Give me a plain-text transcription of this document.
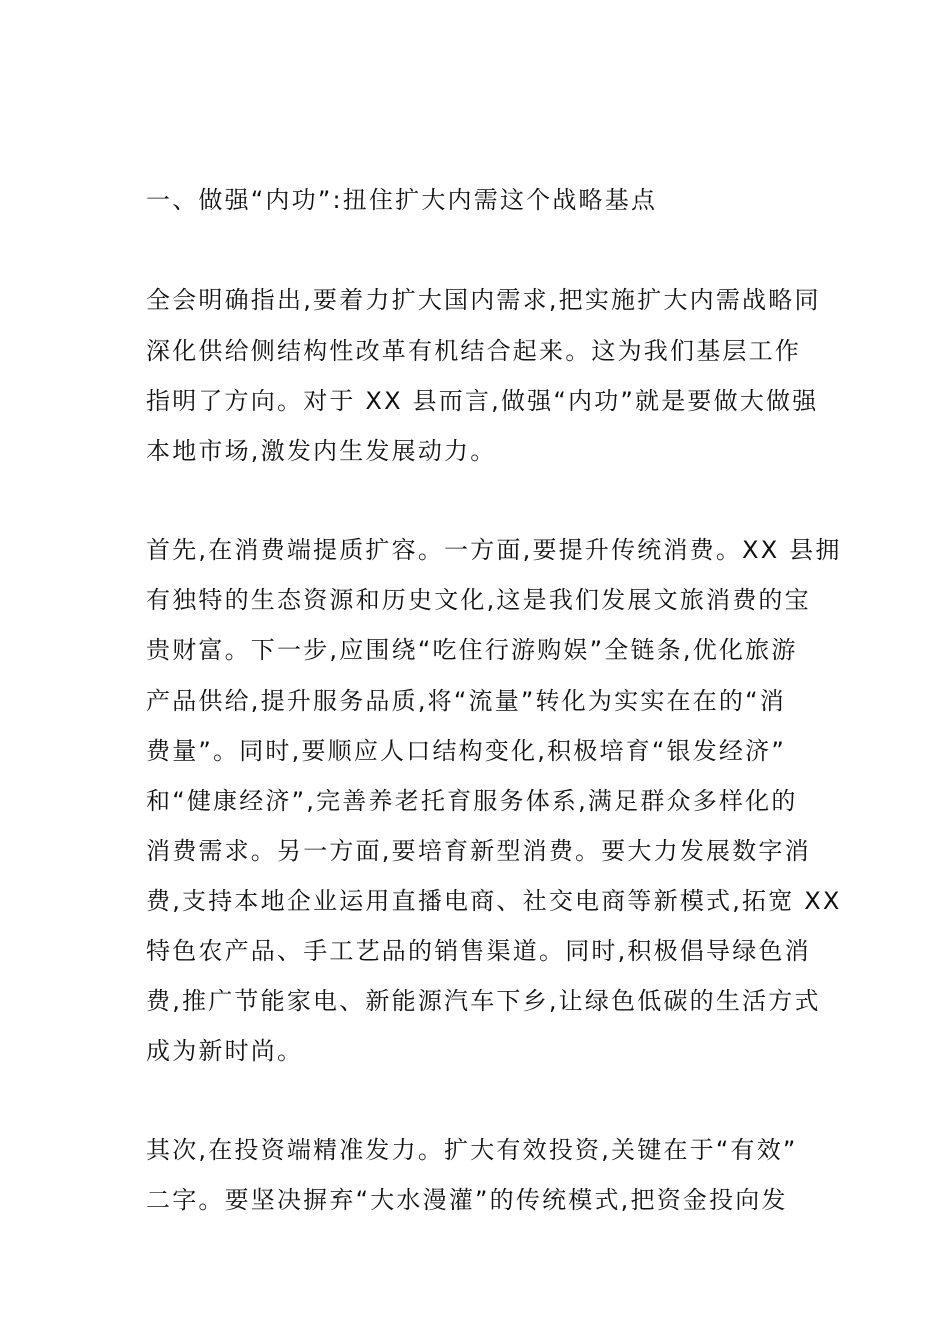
一、做强“内功”:扭住扩大内需这个战略基点
全会明确指出,要着力扩大国内需求,把实施扩大内需战略同
深化供给侧结构性改革有机结合起来。这为我们基层工作
指明了方向。对于 XX 县而言,做强“内功”就是要做大做强
本地市场,激发内生发展动力。
首先,在消费端提质扩容。一方面,要提升传统消费。XX 县拥
有独特的生态资源和历史文化,这是我们发展文旅消费的宝
贵财富。下一步,应围绕“吃住行游购娱”全链条,优化旅游
产品供给,提升服务品质,将“流量”转化为实实在在的“消
费量”。同时,要顺应人口结构变化,积极培育“银发经济”
和“健康经济”,完善养老托育服务体系,满足群众多样化的
消费需求。另一方面,要培育新型消费。要大力发展数字消
费,支持本地企业运用直播电商、社交电商等新模式,拓宽 XX
特色农产品、手工艺品的销售渠道。同时,积极倡导绿色消
费,推广节能家电、新能源汽车下乡,让绿色低碳的生活方式
成为新时尚。
其次,在投资端精准发力。扩大有效投资,关键在于“有效”
二字。要坚决摒弃“大水漫灌”的传统模式,把资金投向发
